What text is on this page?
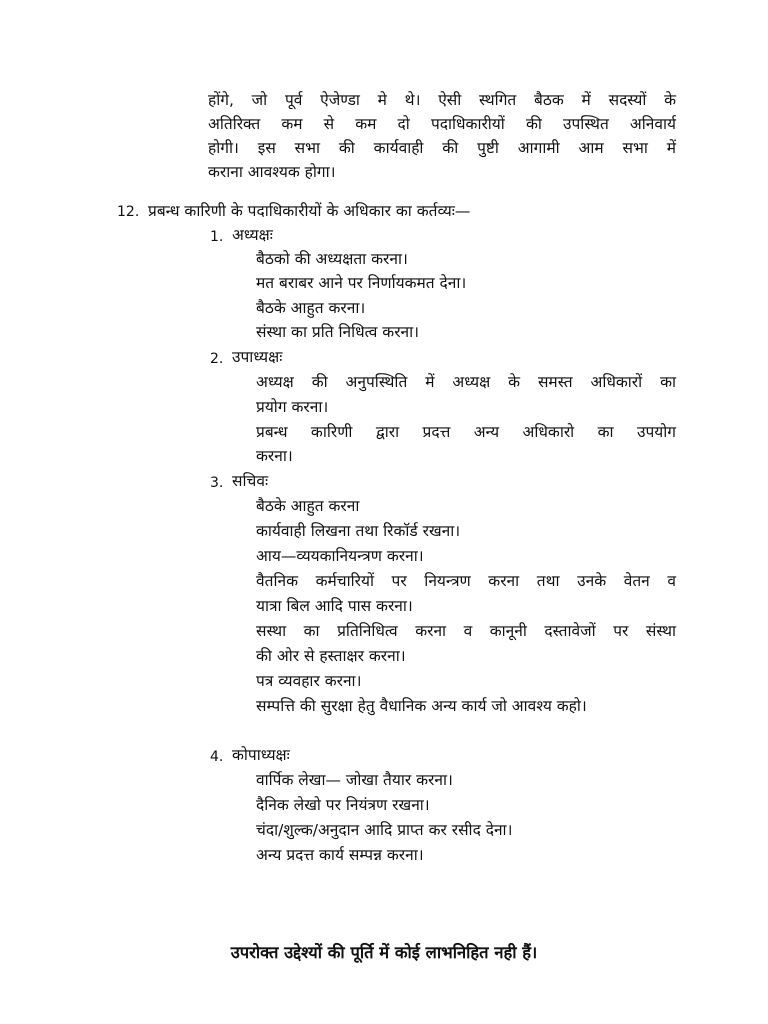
होंगे, जो पूर्व ऐजेण्डा मे थे। ऐसी स्थगित बैठक में सदस्यों के
अतिरिक्त कम से कम दो पदाधिकारीयों की उपस्थित अनिवार्य
होगी। इस सभा की कार्यवाही की पुष्टी आगामी आम सभा में
कराना आवश्यक होगा।
12. प्रबन्ध कारिणी के पदाधिकारीयों के अधिकार का कर्तव्यः—
1. अध्यक्षः
बैठको की अध्यक्षता करना।
मत बराबर आने पर निर्णायकमत देना।
बैठके आहुत करना।
संस्था का प्रति निधित्व करना।
2. उपाध्यक्षः
अध्यक्ष की अनुपस्थिति में अध्यक्ष के समस्त अधिकारों का
प्रयोग करना।
प्रबन्ध कारिणी द्वारा प्रदत्त अन्य अधिकारो का उपयोग
करना।
3. सचिवः
बैठके आहुत करना
कार्यवाही लिखना तथा रिकॉर्ड रखना।
आय—व्ययकानियन्त्रण करना।
वैतनिक कर्मचारियों पर नियन्त्रण करना तथा उनके वेतन व
यात्रा बिल आदि पास करना।
सस्था का प्रतिनिधित्व करना व कानूनी दस्तावेजों पर संस्था
की ओर से हस्ताक्षर करना।
पत्र व्यवहार करना।
सम्पत्ति की सुरक्षा हेतु वैधानिक अन्य कार्य जो आवश्य कहो।
4. कोपाध्यक्षः
वार्पिक लेखा— जोखा तैयार करना।
दैनिक लेखो पर नियंत्रण रखना।
चंदा/शुल्क/अनुदान आदि प्राप्त कर रसीद देना।
अन्य प्रदत्त कार्य सम्पन्न करना।
उपरोक्त उद्देश्यों की पूर्ति में कोई लाभनिहित नही हैं।
